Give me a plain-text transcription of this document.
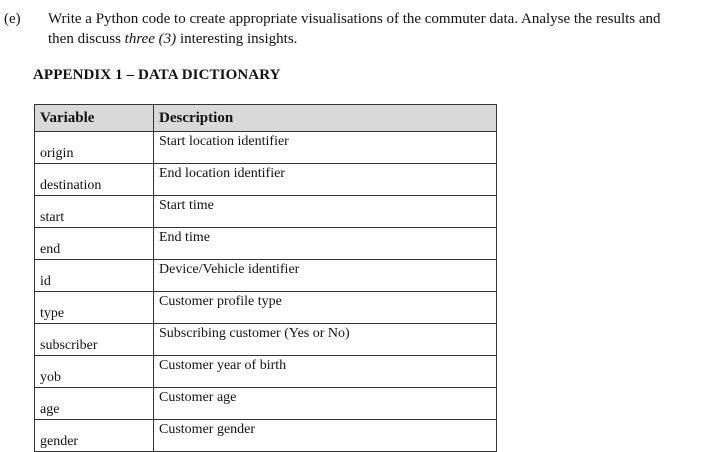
(e) Write a Python code to create appropriate visualisations of the commuter data. Analyse the results and then discuss three (3) interesting insights.
APPENDIX 1 – DATA DICTIONARY
Variable	Description
origin	Start location identifier
destination	End location identifier
start	Start time
end	End time
id	Device/Vehicle identifier
type	Customer profile type
subscriber	Subscribing customer (Yes or No)
yob	Customer year of birth
age	Customer age
gender	Customer gender
